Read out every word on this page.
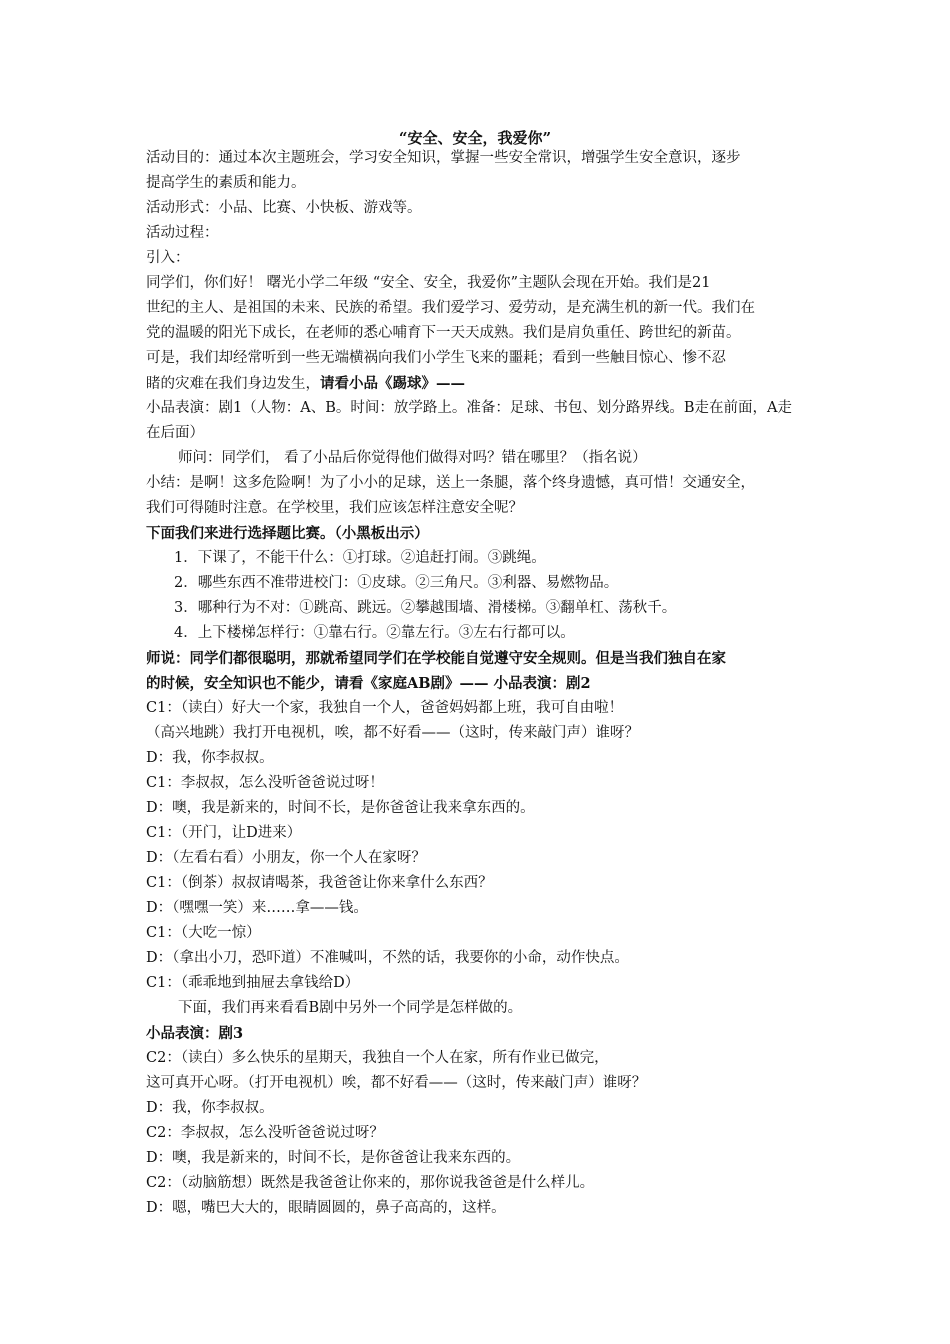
“安全、安全，我爱你”
活动目的：通过本次主题班会，学习安全知识，掌握一些安全常识，增强学生安全意识，逐步
提高学生的素质和能力。
活动形式：小品、比赛、小快板、游戏等。
活动过程：
引入：
同学们，你们好！ 曙光小学二年级 “安全、安全，我爱你”主题队会现在开始。我们是21
世纪的主人、是祖国的未来、民族的希望。我们爱学习、爱劳动，是充满生机的新一代。我们在
党的温暖的阳光下成长，在老师的悉心哺育下一天天成熟。我们是肩负重任、跨世纪的新苗。
可是，我们却经常听到一些无端横祸向我们小学生飞来的噩耗；看到一些触目惊心、惨不忍
睹的灾难在我们身边发生，请看小品《踢球》——
小品表演：剧1（人物：A、B。时间：放学路上。准备：足球、书包、划分路界线。B走在前面，A走
在后面）
师问：同学们， 看了小品后你觉得他们做得对吗？错在哪里？（指名说）
小结：是啊！这多危险啊！为了小小的足球，送上一条腿，落个终身遗憾，真可惜！交通安全，
我们可得随时注意。在学校里，我们应该怎样注意安全呢？
下面我们来进行选择题比赛。（小黑板出示）
1．下课了，不能干什么：①打球。②追赶打闹。③跳绳。
2．哪些东西不准带进校门：①皮球。②三角尺。③利器、易燃物品。
3．哪种行为不对：①跳高、跳远。②攀越围墙、滑楼梯。③翻单杠、荡秋千。
4．上下楼梯怎样行：①靠右行。②靠左行。③左右行都可以。
师说：同学们都很聪明，那就希望同学们在学校能自觉遵守安全规则。但是当我们独自在家
的时候，安全知识也不能少，请看《家庭AB剧》—— 小品表演：剧2
C1：（读白）好大一个家，我独自一个人，爸爸妈妈都上班，我可自由啦！
（高兴地跳）我打开电视机，唉，都不好看——（这时，传来敲门声）谁呀？
D：我，你李叔叔。
C1：李叔叔，怎么没听爸爸说过呀！
D：噢，我是新来的，时间不长，是你爸爸让我来拿东西的。
C1：（开门，让D进来）
D：（左看右看）小朋友，你一个人在家呀？
C1：（倒茶）叔叔请喝茶，我爸爸让你来拿什么东西？
D：（嘿嘿一笑）来……拿——钱。
C1：（大吃一惊）
D：（拿出小刀，恐吓道）不准喊叫，不然的话，我要你的小命，动作快点。
C1：（乖乖地到抽屉去拿钱给D）
下面，我们再来看看B剧中另外一个同学是怎样做的。
小品表演：剧3
C2：（读白）多么快乐的星期天，我独自一个人在家，所有作业已做完，
这可真开心呀。（打开电视机）唉，都不好看——（这时，传来敲门声）谁呀？
D：我，你李叔叔。
C2：李叔叔，怎么没听爸爸说过呀？
D：噢，我是新来的，时间不长，是你爸爸让我来东西的。
C2：（动脑筋想）既然是我爸爸让你来的，那你说我爸爸是什么样儿。
D：嗯，嘴巴大大的，眼睛圆圆的，鼻子高高的，这样。
